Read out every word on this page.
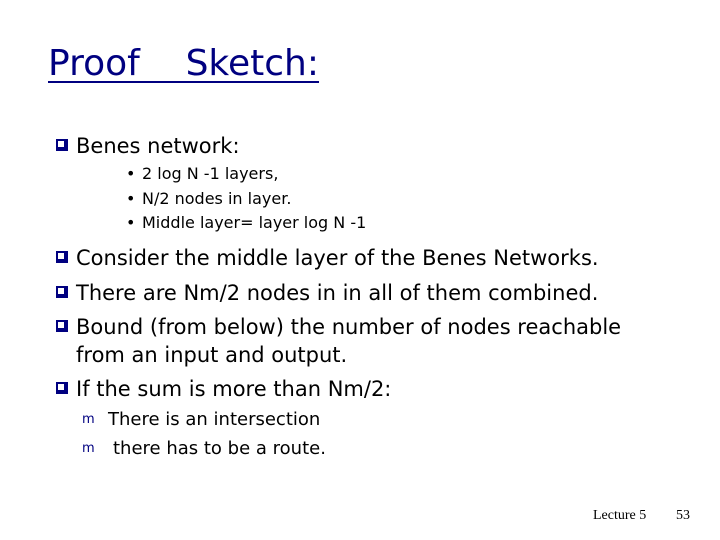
Proof    Sketch:
Benes network:
• 2 log N -1 layers,
• N/2 nodes in layer.
• Middle layer= layer log N -1
Consider the middle layer of the Benes Networks.
There are Nm/2 nodes in in all of them combined.
Bound (from below) the number of nodes reachable
from an input and output.
If the sum is more than Nm/2:
m There is an intersection
m there has to be a route.
Lecture 5 53
